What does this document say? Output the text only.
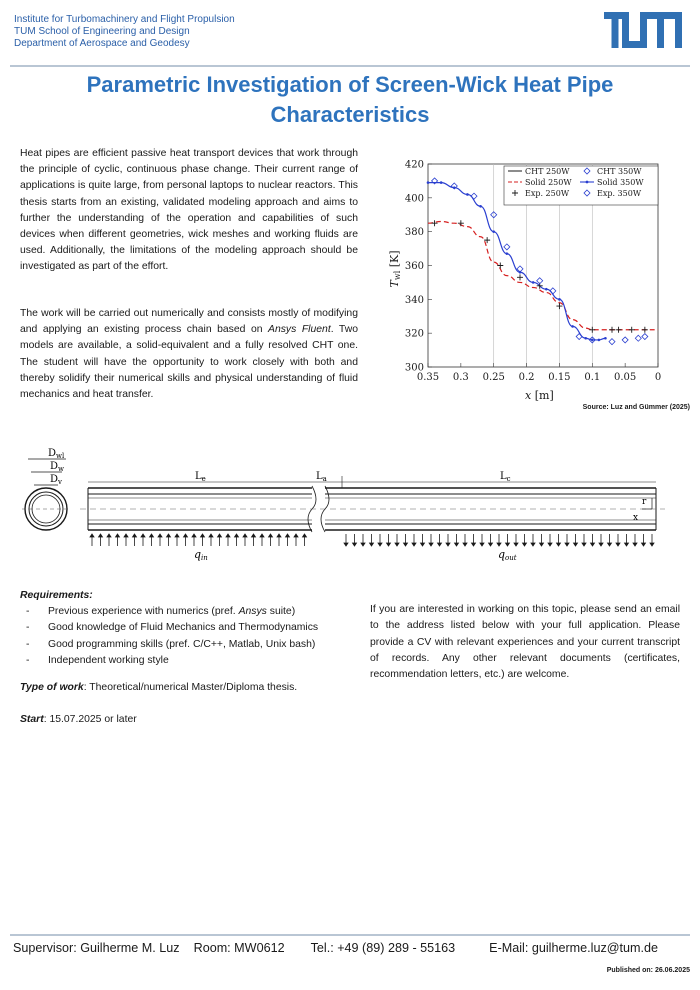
Institute for Turbomachinery and Flight Propulsion
TUM School of Engineering and Design
Department of Aerospace and Geodesy
Parametric Investigation of Screen-Wick Heat Pipe Characteristics
Heat pipes are efficient passive heat transport devices that work through the principle of cyclic, continuous phase change. Their current range of applications is quite large, from personal laptops to nuclear reactors. This thesis starts from an existing, validated modeling approach and aims to further the understanding of the operation and capabilities of such devices when different geometries, wick meshes and working fluids are used. Additionally, the limitations of the modeling approach should be investigated as part of the effort.
The work will be carried out numerically and consists mostly of modifying and applying an existing process chain based on Ansys Fluent. Two models are available, a solid-equivalent and a fully resolved CHT one. The student will have the opportunity to work closely with both and thereby solidify their numerical skills and physical understanding of fluid mechanics and heat transfer.
0.35 0.3 0.25 0.2 0.15 0.1 0.05 0
300
320
340
360
380
400
420
x [m]
Twl [K]
CHT 250W	CHT 350W
Solid 250W	Solid 350W
Exp. 250W	Exp. 350W
Source: Luz and Gümmer (2025)
$D_{wl}$
$D_w$
$D_v$	$L_e$	$L_a$	$L_c$
r
x
qin	qout
Requirements:
- Previous experience with numerics (pref. Ansys suite)
- Good knowledge of Fluid Mechanics and Thermodynamics
- Good programming skills (pref. C/C++, Matlab, Unix bash)
- Independent working style
Type of work: Theoretical/numerical Master/Diploma thesis.
Start: 15.07.2025 or later
If you are interested in working on this topic, please send an email to the address listed below with your full application. Please provide a CV with relevant experiences and your current transcript of records. Any other relevant documents (certificates, recommendation letters, etc.) are welcome.
Supervisor: Guilherme M. Luz Room: MW0612 Tel.: +49 (89) 289 - 55163	E-Mail: guilherme.luz@tum.de
Published on: 26.06.2025
